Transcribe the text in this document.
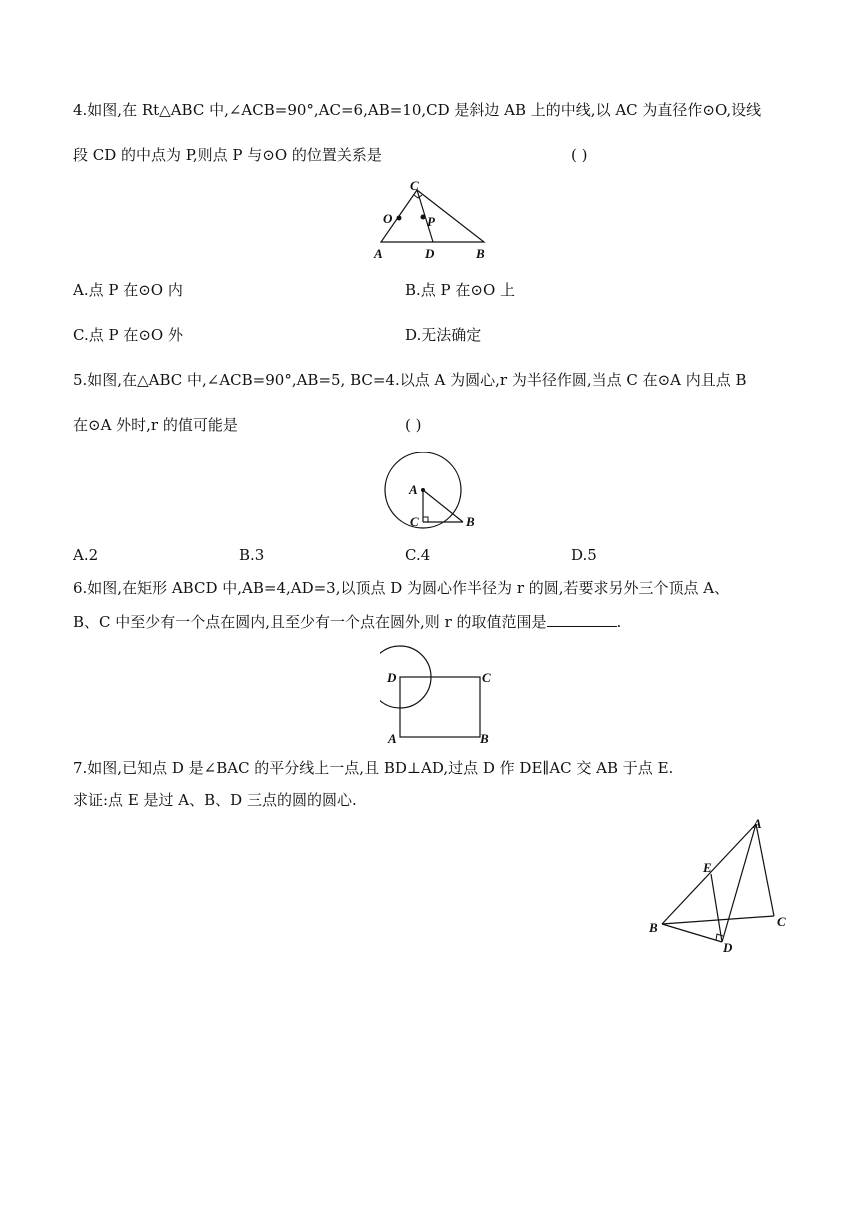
4.如图,在 Rt△ABC 中,∠ACB=90°,AC=6,AB=10,CD 是斜边 AB 上的中线,以 AC 为直径作⊙O,设线
段 CD 的中点为 P,则点 P 与⊙O 的位置关系是	( )
C
O	P
A	D	B
A.点 P 在⊙O 内	B.点 P 在⊙O 上
C.点 P 在⊙O 外	D.无法确定
5.如图,在△ABC 中,∠ACB=90°,AB=5, BC=4.以点 A 为圆心,r 为半径作圆,当点 C 在⊙A 内且点 B
在⊙A 外时,r 的值可能是	( )
A
C	B
A.2	B.3	C.4	D.5
6.如图,在矩形 ABCD 中,AB=4,AD=3,以顶点 D 为圆心作半径为 r 的圆,若要求另外三个顶点 A、
B、C 中至少有一个点在圆内,且至少有一个点在圆外,则 r 的取值范围是	.
D	C
A	B
7.如图,已知点 D 是∠BAC 的平分线上一点,且 BD⊥AD,过点 D 作 DE∥AC 交 AB 于点 E.
求证:点 E 是过 A、B、D 三点的圆的圆心.
A
E
B	C
D
